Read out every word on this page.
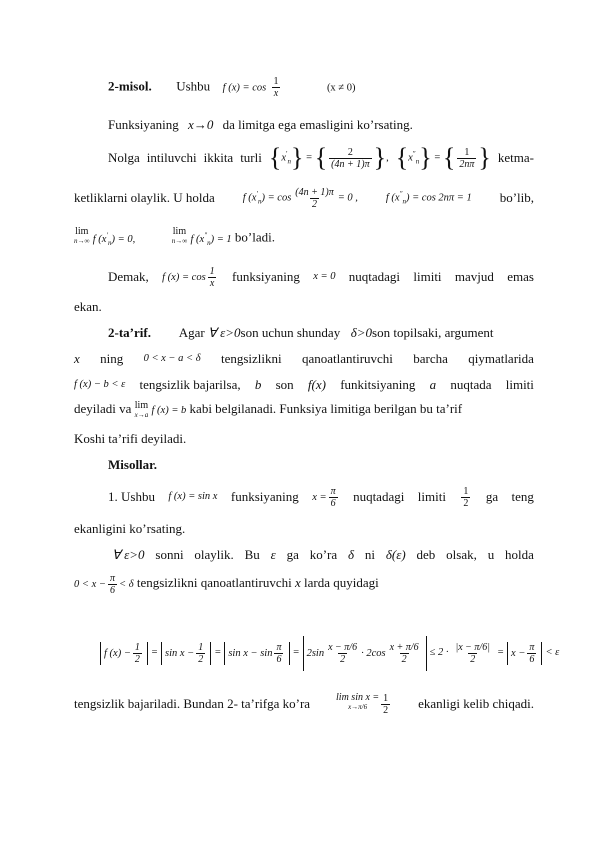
2-misol. Ushbu f $(x) = \cos \frac{1}{x}$	(x ≠ 0)
Funksiyaning x→0 da limitga ega emasligini ko’rsating.
Nolga intiluvchi ikkita turli $\{x'_n\}$ = { $\frac{2}{(4n + 1)\pi}$ }, $\{x''_n\}$ = { $\frac{1}{2n\pi}$ } ketma-
ketliklarni olaylik. U holda	f $(x'_n) = \cos \frac{(4n + 1)\pi}{2} = 0$ ,	f $(x''_n) = \cos 2n\pi = 1$ bo’lib,
lim
n→∞ f $(x'_n) = 0$,
lim
n→∞ f $(x''_n) = 1$ bo’ladi.
Demak, f $(x) = \cos \frac{1}{x}$ funksiyaning x = 0 nuqtadagi limiti mavjud emas
ekan.
2-ta’rif. Agar ∀ ε>0son uchun shunday δ>0son topilsaki, argument
x ning 0 < x − a < δ tengsizlikni qanoatlantiruvchi barcha qiymatlarida
f (x) − b < ε tengsizlik bajarilsa, b son f(x) funkitsiyaning a nuqtada limiti
deyiladi va lim
x→a f (x) = b kabi belgilanadi. Funksiya limitiga berilgan bu ta’rif
Koshi ta’rifi deyiladi.
Misollar.
1. Ushbu f (x) = sin x funksiyaning $x = \frac{\pi}{6}$ nuqtadagi limiti $\frac{1}{2}$ ga teng
ekanligini ko’rsating.
∀ ε>0 sonni olaylik. Bu ε ga ko’ra δ ni δ(ε) deb olsak, u holda
$0 < x - \frac{\pi}{6} < \delta$ tengsizlikni qanoatlantiruvchi x larda quyidagi
f $(x) - \frac{1}{2} = \sin x - \frac{1}{2} = \sin x - \sin \frac{\pi}{6} = 2\sin \frac{x - \pi/6}{2} \cdot 2\cos \frac{x + \pi/6}{2} \le 2 \cdot \frac{|x - \pi/6|}{2} = x - \frac{\pi}{6} < \varepsilon$
tengsizlik bajariladi. Bundan 2- ta’rifga ko’ra	lim sin x =
$x\to\pi/6 \frac{1}{2}$ ekanligi kelib chiqadi.
